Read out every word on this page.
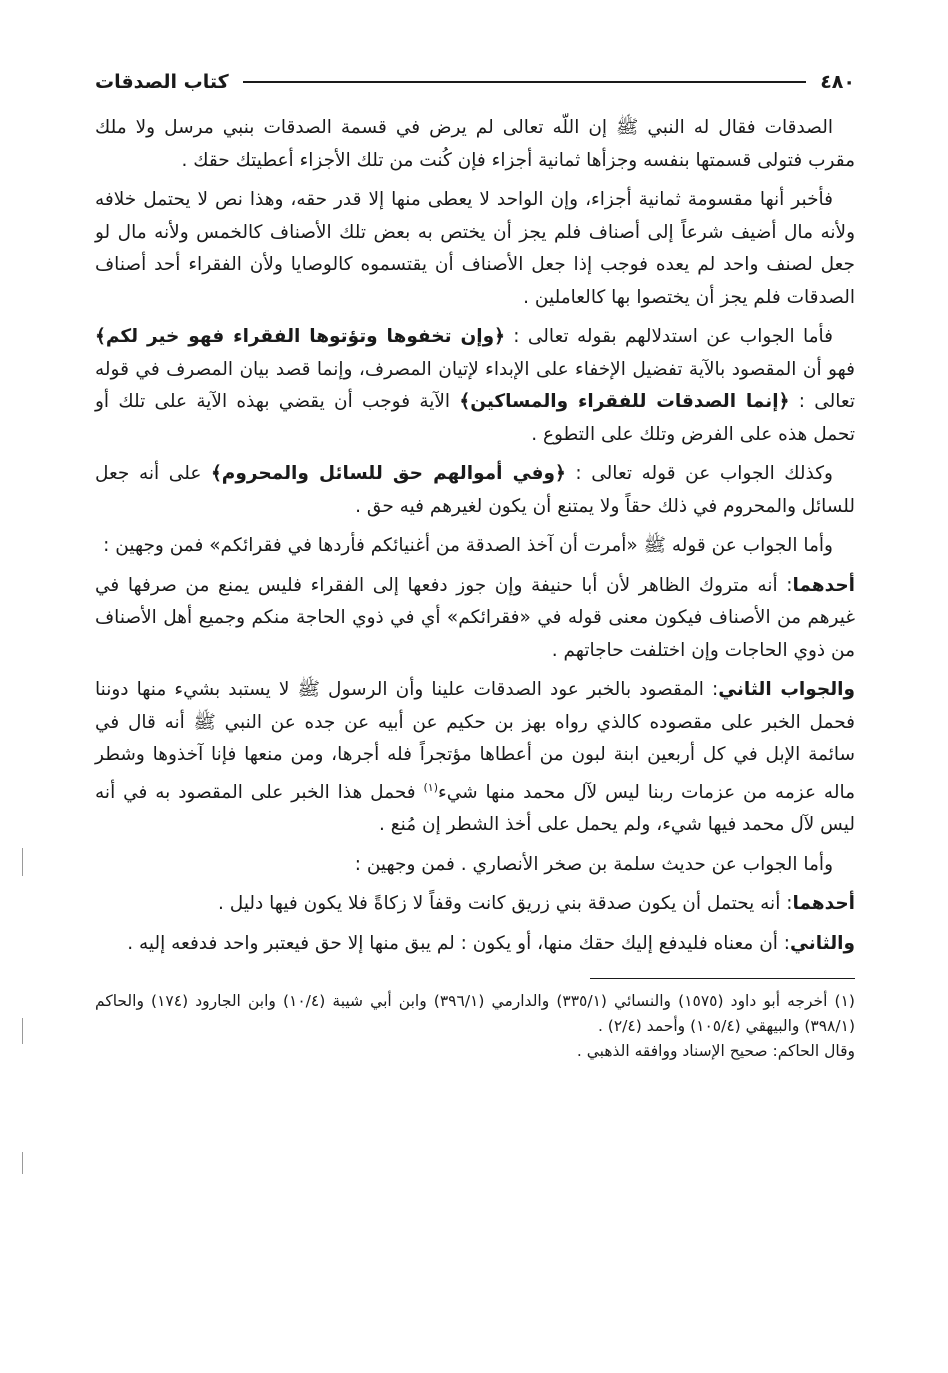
٤٨٠
كتاب الصدقات

الصدقات فقال له النبي ﷺ إن اللّه تعالى لم يرض في قسمة الصدقات بنبي مرسل ولا ملك مقرب فتولى قسمتها بنفسه وجزأها ثمانية أجزاء فإن كُنت من تلك الأجزاء أعطيتك حقك .

فأخبر أنها مقسومة ثمانية أجزاء، وإن الواحد لا يعطى منها إلا قدر حقه، وهذا نص لا يحتمل خلافه ولأنه مال أضيف شرعاً إلى أصناف فلم يجز أن يختص به بعض تلك الأصناف كالخمس ولأنه مال لو جعل لصنف واحد لم يعده فوجب إذا جعل الأصناف أن يقتسموه كالوصايا ولأن الفقراء أحد أصناف الصدقات فلم يجز أن يختصوا بها كالعاملين .

فأما الجواب عن استدلالهم بقوله تعالى : ﴿وإن تخفوها وتؤتوها الفقراء فهو خير لكم﴾ فهو أن المقصود بالآية تفضيل الإخفاء على الإبداء لإتيان المصرف، وإنما قصد بيان المصرف في قوله تعالى : ﴿إنما الصدقات للفقراء والمساكين﴾ الآية فوجب أن يقضي بهذه الآية على تلك أو تحمل هذه على الفرض وتلك على التطوع .

وكذلك الجواب عن قوله تعالى : ﴿وفي أموالهم حق للسائل والمحروم﴾ على أنه جعل للسائل والمحروم في ذلك حقاً ولا يمتنع أن يكون لغيرهم فيه حق .

وأما الجواب عن قوله ﷺ «أمرت أن آخذ الصدقة من أغنيائكم فأردها في فقرائكم» فمن وجهين :

أحدهما: أنه متروك الظاهر لأن أبا حنيفة وإن جوز دفعها إلى الفقراء فليس يمنع من صرفها في غيرهم من الأصناف فيكون معنى قوله في «فقرائكم» أي في ذوي الحاجة منكم وجميع أهل الأصناف من ذوي الحاجات وإن اختلفت حاجاتهم .

والجواب الثاني: المقصود بالخبر عود الصدقات علينا وأن الرسول ﷺ لا يستبد بشيء منها دوننا فحمل الخبر على مقصوده كالذي رواه بهز بن حكيم عن أبيه عن جده عن النبي ﷺ أنه قال في سائمة الإبل في كل أربعين ابنة لبون من أعطاها مؤتجراً فله أجرها، ومن منعها فإنا آخذوها وشطر ماله عزمه من عزمات ربنا ليس لآل محمد منها شيء$^{(١)}$ فحمل هذا الخبر على المقصود به في أنه ليس لآل محمد فيها شيء، ولم يحمل على أخذ الشطر إن مُنع .

وأما الجواب عن حديث سلمة بن صخر الأنصاري . فمن وجهين :

أحدهما: أنه يحتمل أن يكون صدقة بني زريق كانت وقفاً لا زكاةً فلا يكون فيها دليل .

والثاني: أن معناه فليدفع إليك حقك منها، أو يكون : لم يبق منها إلا حق فيعتبر واحد فدفعه إليه .

(١) أخرجه أبو داود (١٥٧٥) والنسائي (٣٣٥/١) والدارمي (٣٩٦/١) وابن أبي شيبة (١٠/٤) وابن الجارود (١٧٤) والحاكم (٣٩٨/١) والبيهقي (١٠٥/٤) وأحمد (٢/٤) .

وقال الحاكم: صحيح الإسناد ووافقه الذهبي .
